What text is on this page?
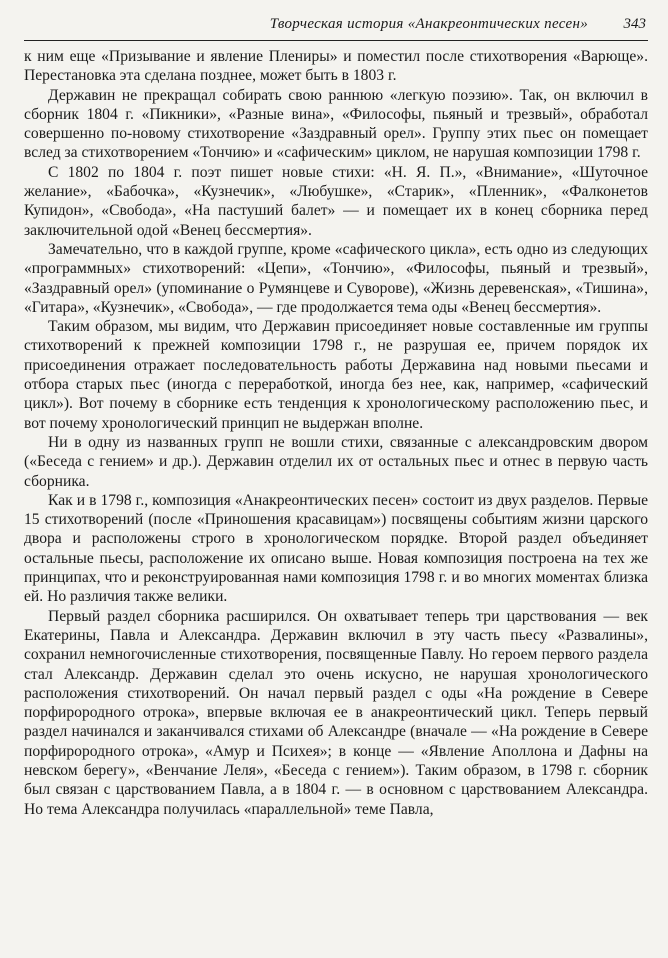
Творческая история «Анакреонтических песен» 343

к ним еще «Призывание и явление Плениры» и поместил после стихотворения «Варюще». Перестановка эта сделана позднее, может быть в 1803 г.

Державин не прекращал собирать свою раннюю «легкую поэзию». Так, он включил в сборник 1804 г. «Пикники», «Разные вина», «Философы, пьяный и трезвый», обработал совершенно по-новому стихотворение «Заздравный орел». Группу этих пьес он помещает вслед за стихотворением «Тончию» и «сафическим» циклом, не нарушая композиции 1798 г.

С 1802 по 1804 г. поэт пишет новые стихи: «Н. Я. П.», «Внимание», «Шуточное желание», «Бабочка», «Кузнечик», «Любушке», «Старик», «Пленник», «Фалконетов Купидон», «Свобода», «На пастуший балет» — и помещает их в конец сборника перед заключительной одой «Венец бессмертия».

Замечательно, что в каждой группе, кроме «сафического цикла», есть одно из следующих «программных» стихотворений: «Цепи», «Тончию», «Философы, пьяный и трезвый», «Заздравный орел» (упоминание о Румянцеве и Суворове), «Жизнь деревенская», «Тишина», «Гитара», «Кузнечик», «Свобода», — где продолжается тема оды «Венец бессмертия».

Таким образом, мы видим, что Державин присоединяет новые составленные им группы стихотворений к прежней композиции 1798 г., не разрушая ее, причем порядок их присоединения отражает последовательность работы Державина над новыми пьесами и отбора старых пьес (иногда с переработкой, иногда без нее, как, например, «сафический цикл»). Вот почему в сборнике есть тенденция к хронологическому расположению пьес, и вот почему хронологический принцип не выдержан вполне.

Ни в одну из названных групп не вошли стихи, связанные с александровским двором («Беседа с гением» и др.). Державин отделил их от остальных пьес и отнес в первую часть сборника.

Как и в 1798 г., композиция «Анакреонтических песен» состоит из двух разделов. Первые 15 стихотворений (после «Приношения красавицам») посвящены событиям жизни царского двора и расположены строго в хронологическом порядке. Второй раздел объединяет остальные пьесы, расположение их описано выше. Новая композиция построена на тех же принципах, что и реконструированная нами композиция 1798 г. и во многих моментах близка ей. Но различия также велики.

Первый раздел сборника расширился. Он охватывает теперь три царствования — век Екатерины, Павла и Александра. Державин включил в эту часть пьесу «Развалины», сохранил немногочисленные стихотворения, посвященные Павлу. Но героем первого раздела стал Александр. Державин сделал это очень искусно, не нарушая хронологического расположения стихотворений. Он начал первый раздел с оды «На рождение в Севере порфирородного отрока», впервые включая ее в анакреонтический цикл. Теперь первый раздел начинался и заканчивался стихами об Александре (вначале — «На рождение в Севере порфирородного отрока», «Амур и Психея»; в конце — «Явление Аполлона и Дафны на невском берегу», «Венчание Леля», «Беседа с гением»). Таким образом, в 1798 г. сборник был связан с царствованием Павла, а в 1804 г. — в основном с царствованием Александра. Но тема Александра получилась «параллельной» теме Павла,
